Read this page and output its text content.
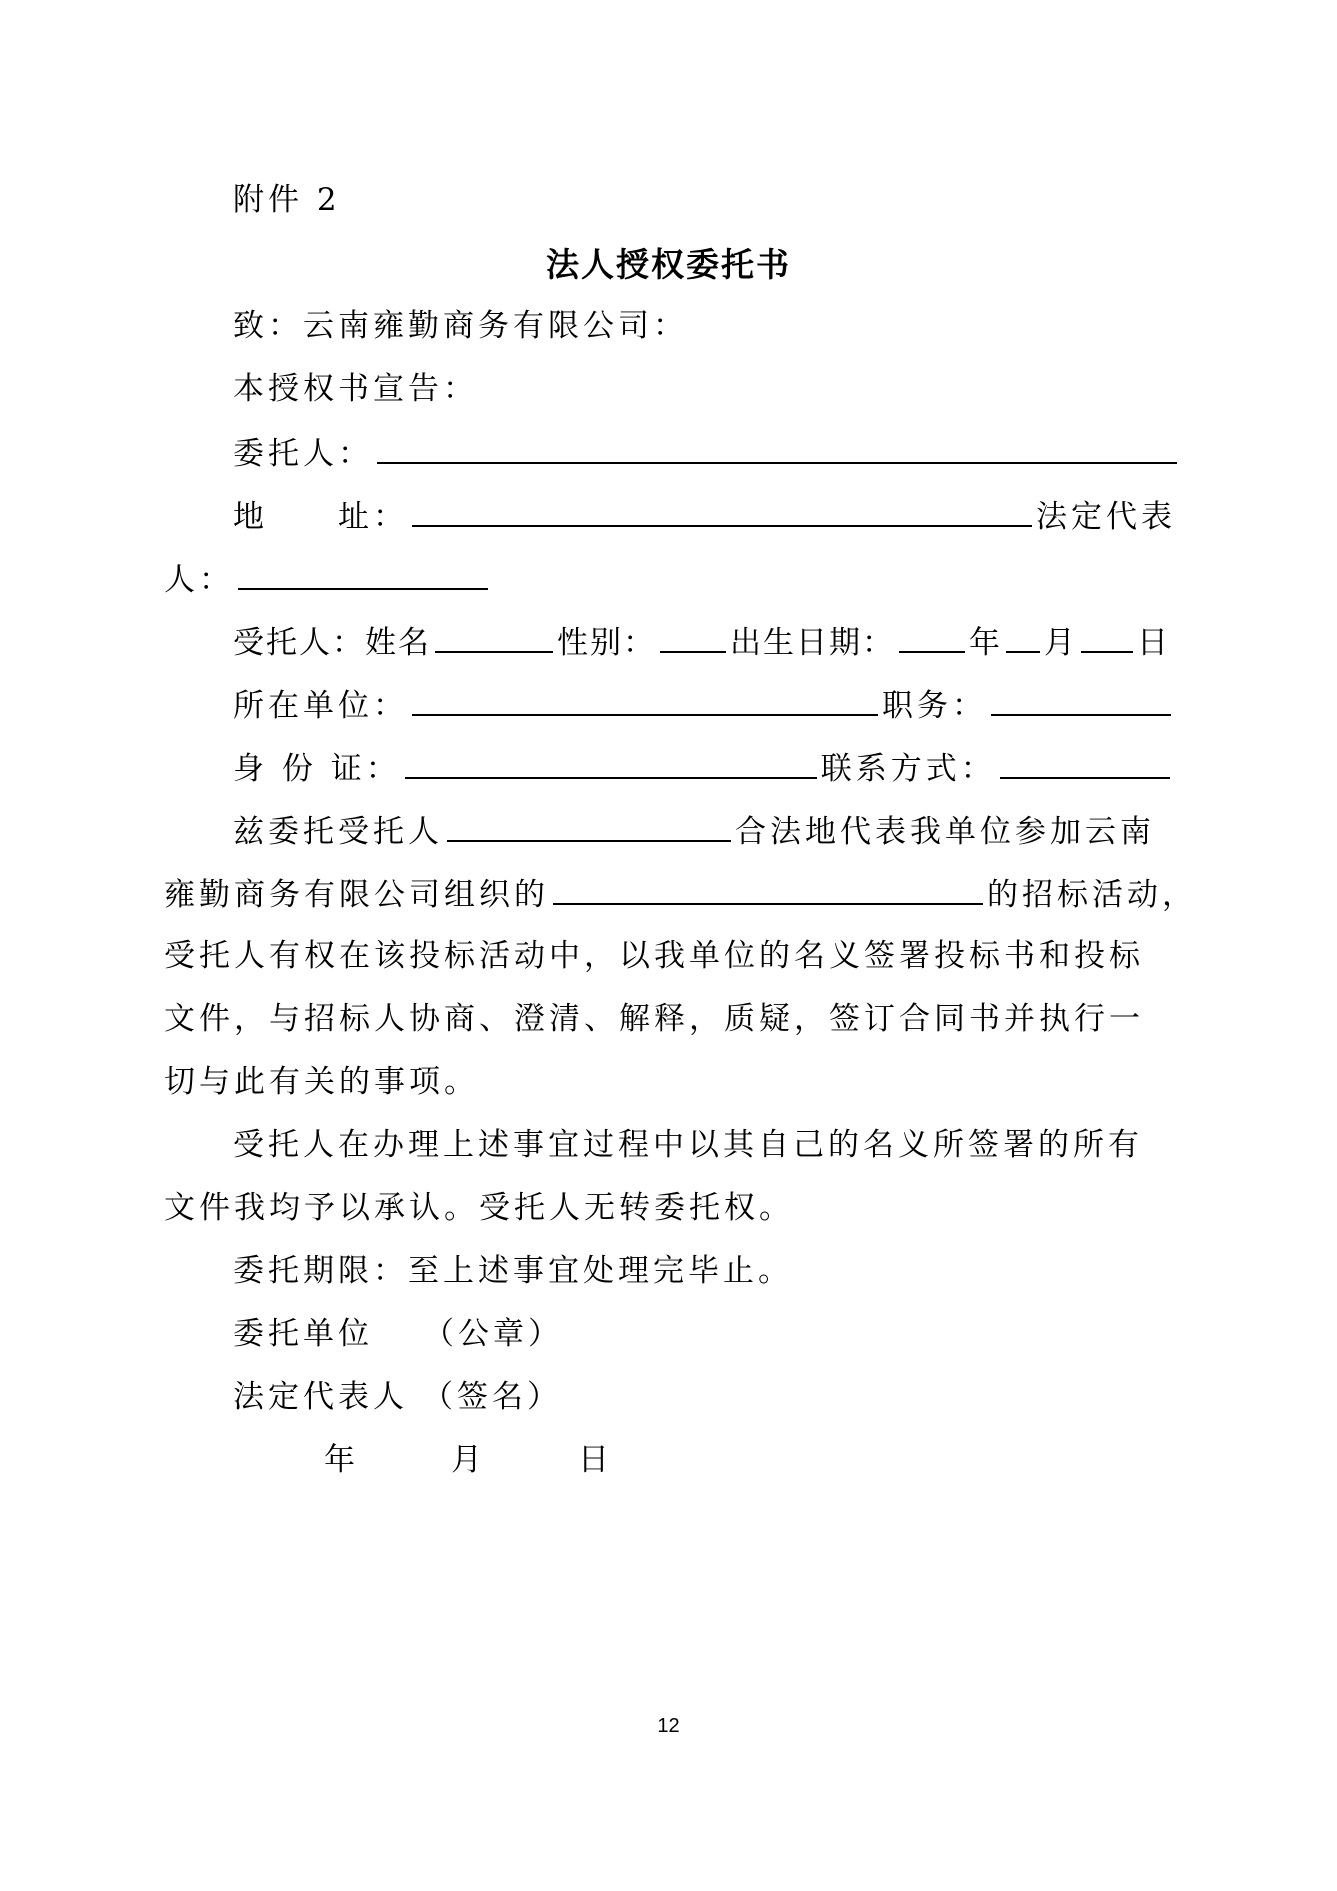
附件 2
法人授权委托书
致：云南雍勤商务有限公司：
本授权书宣告：
委托人：
地　　址：	法定代表
人：
受托人：姓名	性别： 出生日期： 年 月 日
所在单位：	职务：
身 份 证：	联系方式：
兹委托受托人	合法地代表我单位参加云南
雍勤商务有限公司组织的	的招标活动，
受托人有权在该投标活动中，以我单位的名义签署投标书和投标
文件，与招标人协商、澄清、解释，质疑，签订合同书并执行一
切与此有关的事项。
受托人在办理上述事宜过程中以其自己的名义所签署的所有
文件我均予以承认。受托人无转委托权。
委托期限：至上述事宜处理完毕止。
委托单位 （公章）
法定代表人 （签名）
年	月	日
12
